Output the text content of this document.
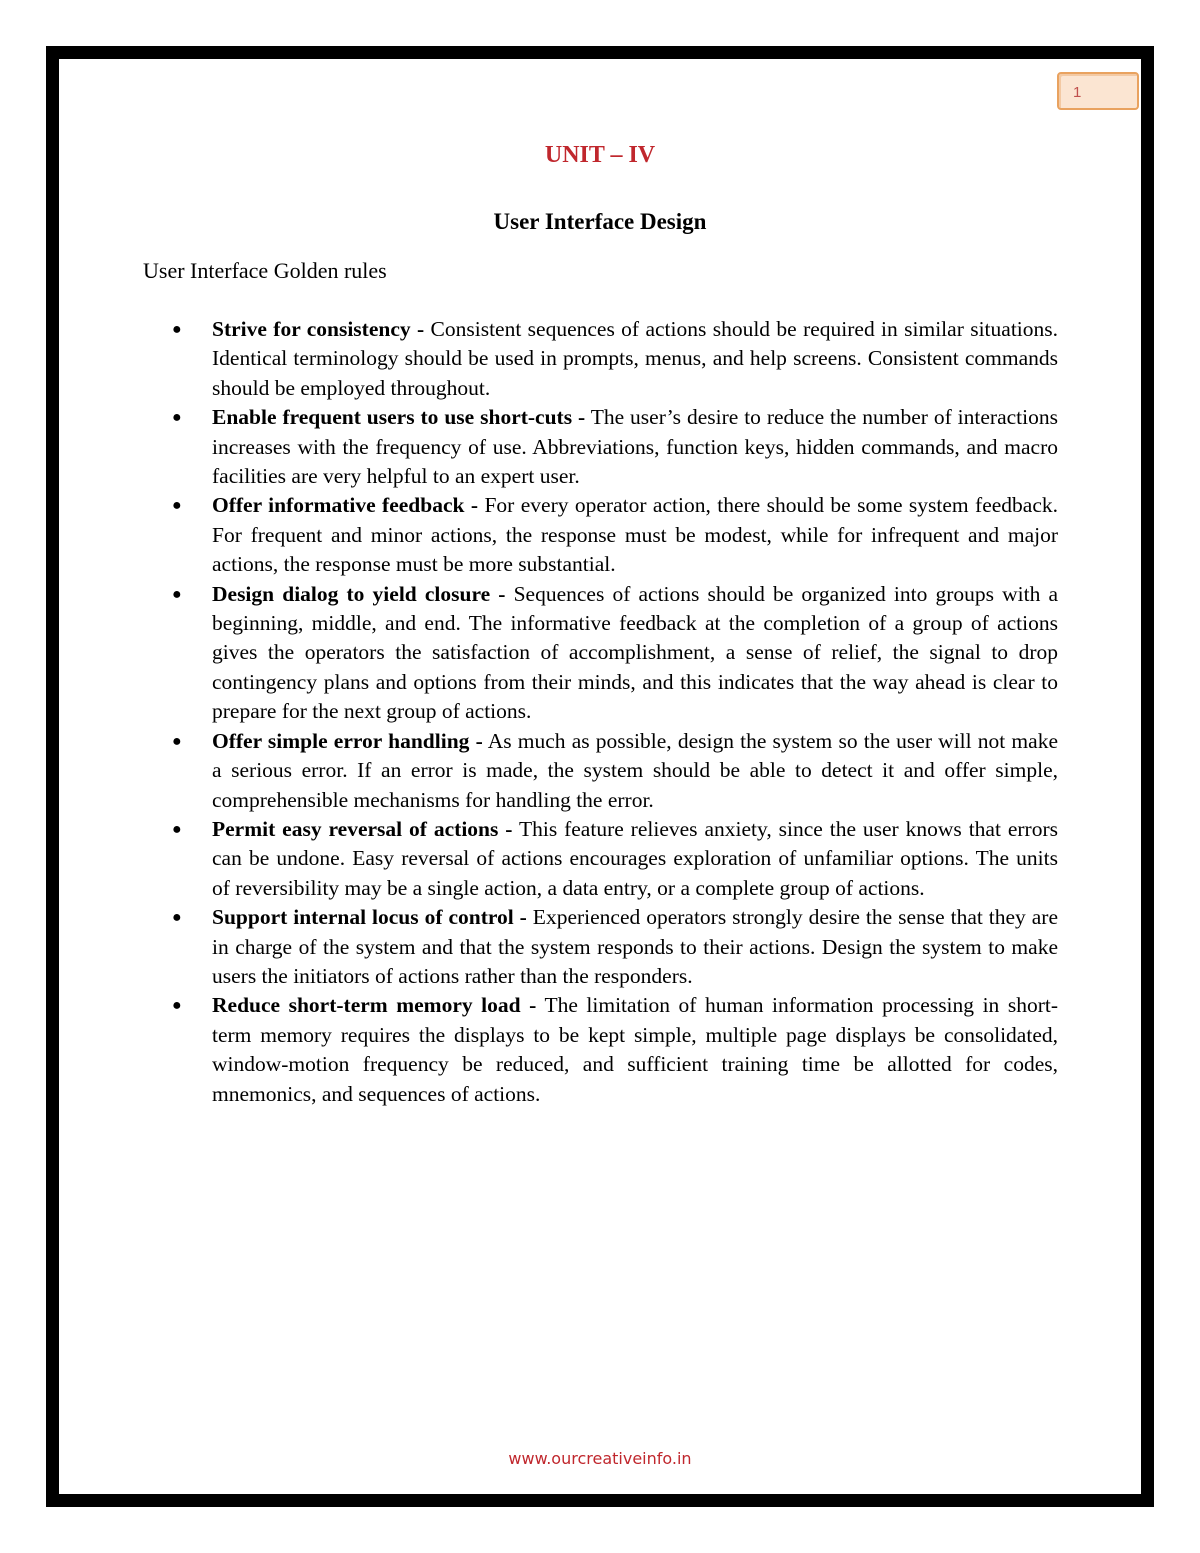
1
UNIT – IV
User Interface Design
User Interface Golden rules
● Strive for consistency - Consistent sequences of actions should be required in similar situations. Identical terminology should be used in prompts, menus, and help screens. Consistent commands should be employed throughout.
● Enable frequent users to use short-cuts - The user’s desire to reduce the number of interactions increases with the frequency of use. Abbreviations, function keys, hidden commands, and macro facilities are very helpful to an expert user.
● Offer informative feedback - For every operator action, there should be some system feedback. For frequent and minor actions, the response must be modest, while for infrequent and major actions, the response must be more substantial.
● Design dialog to yield closure - Sequences of actions should be organized into groups with a beginning, middle, and end. The informative feedback at the completion of a group of actions gives the operators the satisfaction of accomplishment, a sense of relief, the signal to drop contingency plans and options from their minds, and this indicates that the way ahead is clear to prepare for the next group of actions.
● Offer simple error handling - As much as possible, design the system so the user will not make a serious error. If an error is made, the system should be able to detect it and offer simple, comprehensible mechanisms for handling the error.
● Permit easy reversal of actions - This feature relieves anxiety, since the user knows that errors can be undone. Easy reversal of actions encourages exploration of unfamiliar options. The units of reversibility may be a single action, a data entry, or a complete group of actions.
● Support internal locus of control - Experienced operators strongly desire the sense that they are in charge of the system and that the system responds to their actions. Design the system to make users the initiators of actions rather than the responders.
● Reduce short-term memory load - The limitation of human information processing in short-term memory requires the displays to be kept simple, multiple page displays be consolidated, window-motion frequency be reduced, and sufficient training time be allotted for codes, mnemonics, and sequences of actions.
www.ourcreativeinfo.in
